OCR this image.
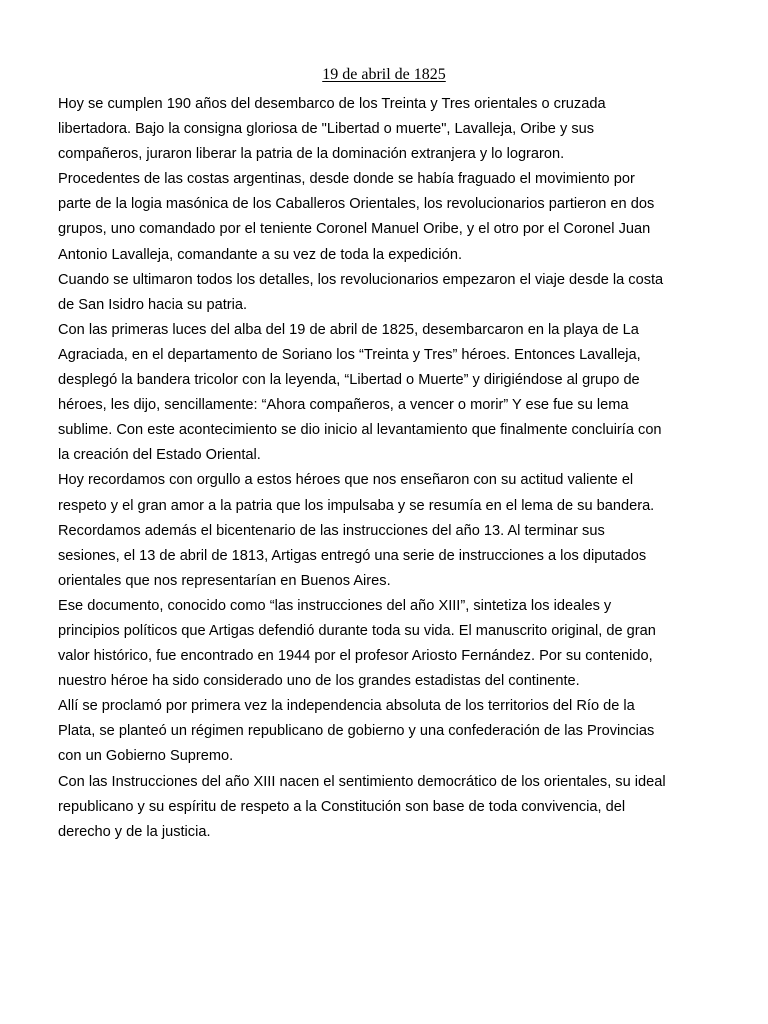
19 de abril de 1825
Hoy se cumplen 190 años del desembarco de los Treinta y Tres orientales o cruzada
libertadora. Bajo la consigna gloriosa de "Libertad o muerte", Lavalleja, Oribe y sus
compañeros, juraron liberar la patria de la dominación extranjera y lo lograron.
Procedentes de las costas argentinas, desde donde se había fraguado el movimiento por
parte de la logia masónica de los Caballeros Orientales, los revolucionarios partieron en dos
grupos, uno comandado por el teniente Coronel Manuel Oribe, y el otro por el Coronel Juan
Antonio Lavalleja, comandante a su vez de toda la expedición.
Cuando se ultimaron todos los detalles, los revolucionarios empezaron el viaje desde la costa
de San Isidro hacia su patria.
Con las primeras luces del alba del 19 de abril de 1825, desembarcaron en la playa de La
Agraciada, en el departamento de Soriano los “Treinta y Tres” héroes. Entonces Lavalleja,
desplegó la bandera tricolor con la leyenda, “Libertad o Muerte” y dirigiéndose al grupo de
héroes, les dijo, sencillamente: “Ahora compañeros, a vencer o morir” Y ese fue su lema
sublime. Con este acontecimiento se dio inicio al levantamiento que finalmente concluiría con
la creación del Estado Oriental.
Hoy recordamos con orgullo a estos héroes que nos enseñaron con su actitud valiente el
respeto y el gran amor a la patria que los impulsaba y se resumía en el lema de su bandera.
Recordamos además el bicentenario de las instrucciones del año 13. Al terminar sus
sesiones, el 13 de abril de 1813, Artigas entregó una serie de instrucciones a los diputados
orientales que nos representarían en Buenos Aires.
Ese documento, conocido como “las instrucciones del año XIII”, sintetiza los ideales y
principios políticos que Artigas defendió durante toda su vida. El manuscrito original, de gran
valor histórico, fue encontrado en 1944 por el profesor Ariosto Fernández. Por su contenido,
nuestro héroe ha sido considerado uno de los grandes estadistas del continente.
Allí se proclamó por primera vez la independencia absoluta de los territorios del Río de la
Plata, se planteó un régimen republicano de gobierno y una confederación de las Provincias
con un Gobierno Supremo.
Con las Instrucciones del año XIII nacen el sentimiento democrático de los orientales, su ideal
republicano y su espíritu de respeto a la Constitución son base de toda convivencia, del
derecho y de la justicia.
